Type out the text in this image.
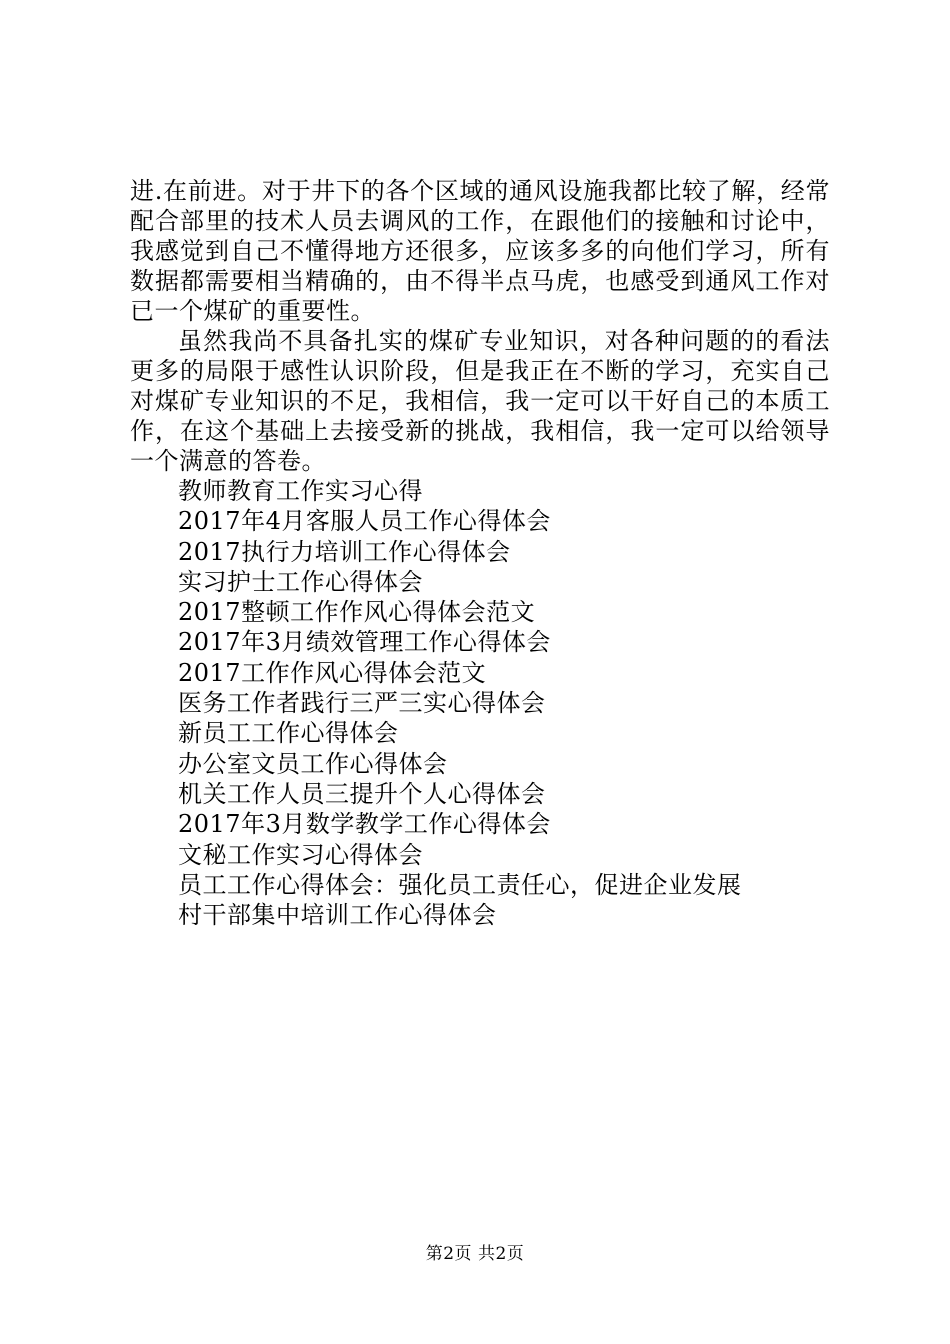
进.在前进。对于井下的各个区域的通风设施我都比较了解，经常配合部里的技术人员去调风的工作，在跟他们的接触和讨论中，我感觉到自己不懂得地方还很多，应该多多的向他们学习，所有数据都需要相当精确的，由不得半点马虎，也感受到通风工作对已一个煤矿的重要性。

虽然我尚不具备扎实的煤矿专业知识，对各种问题的的看法更多的局限于感性认识阶段，但是我正在不断的学习，充实自己对煤矿专业知识的不足，我相信，我一定可以干好自己的本质工作，在这个基础上去接受新的挑战，我相信，我一定可以给领导一个满意的答卷。

教师教育工作实习心得
2017年4月客服人员工作心得体会
2017执行力培训工作心得体会
实习护士工作心得体会
2017整顿工作作风心得体会范文
2017年3月绩效管理工作心得体会
2017工作作风心得体会范文
医务工作者践行三严三实心得体会
新员工工作心得体会
办公室文员工作心得体会
机关工作人员三提升个人心得体会
2017年3月数学教学工作心得体会
文秘工作实习心得体会
员工工作心得体会：强化员工责任心，促进企业发展
村干部集中培训工作心得体会
第2页 共2页
